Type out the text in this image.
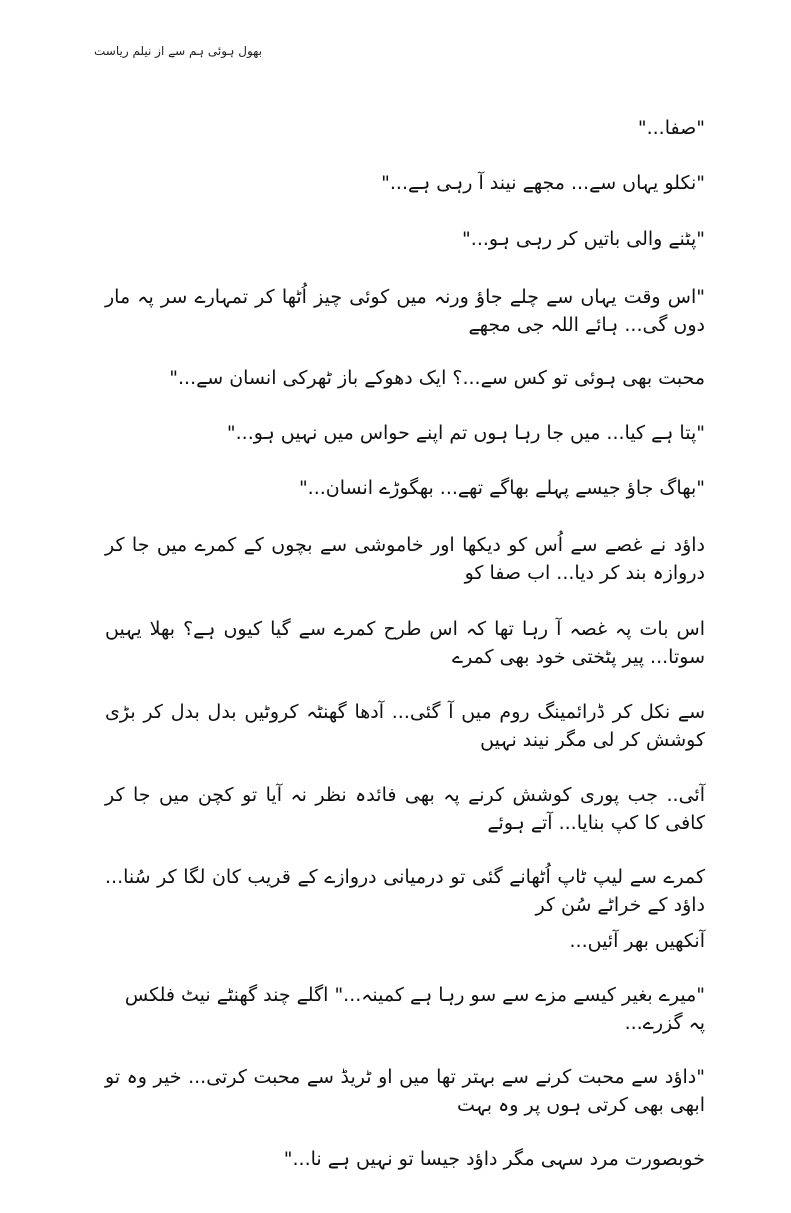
بھول ہوئی ہم سے از نیلم ریاست
"صفا..."
"نکلو یہاں سے... مجھے نیند آ رہی ہے..."
"پٹنے والی باتیں کر رہی ہو..."
"اس وقت یہاں سے چلے جاؤ ورنہ میں کوئی چیز اُٹھا کر تمہارے سر پہ مار دوں گی... ہائے اللہ جی مجھے
محبت بھی ہوئی تو کس سے...؟ ایک دھوکے باز ٹھرکی انسان سے..."
"پتا ہے کیا... میں جا رہا ہوں تم اپنے حواس میں نہیں ہو..."
"بھاگ جاؤ جیسے پہلے بھاگے تھے... بھگوڑے انسان..."
داؤد نے غصے سے اُس کو دیکھا اور خاموشی سے بچوں کے کمرے میں جا کر دروازہ بند کر دیا... اب صفا کو
اس بات پہ غصہ آ رہا تھا کہ اس طرح کمرے سے گیا کیوں ہے؟ بھلا یہیں سوتا... پیر پٹختی خود بھی کمرے
سے نکل کر ڈرائمینگ روم میں آ گئی... آدھا گھنٹہ کروٹیں بدل بدل کر بڑی کوشش کر لی مگر نیند نہیں
آئی.. جب پوری کوشش کرنے پہ بھی فائدہ نظر نہ آیا تو کچن میں جا کر کافی کا کپ بنایا... آتے ہوئے
کمرے سے لیپ ٹاپ اُٹھانے گئی تو درمیانی دروازے کے قریب کان لگا کر سُنا... داؤد کے خراٹے سُن کر
آنکھیں بھر آئیں...
"میرے بغیر کیسے مزے سے سو رہا ہے کمینہ..." اگلے چند گھنٹے نیٹ فلکس پہ گزرے...
"داؤد سے محبت کرنے سے بہتر تھا میں او ٹریڈ سے محبت کرتی... خیر وہ تو ابھی بھی کرتی ہوں پر وہ بہت
خوبصورت مرد سہی مگر داؤد جیسا تو نہیں ہے نا..."
